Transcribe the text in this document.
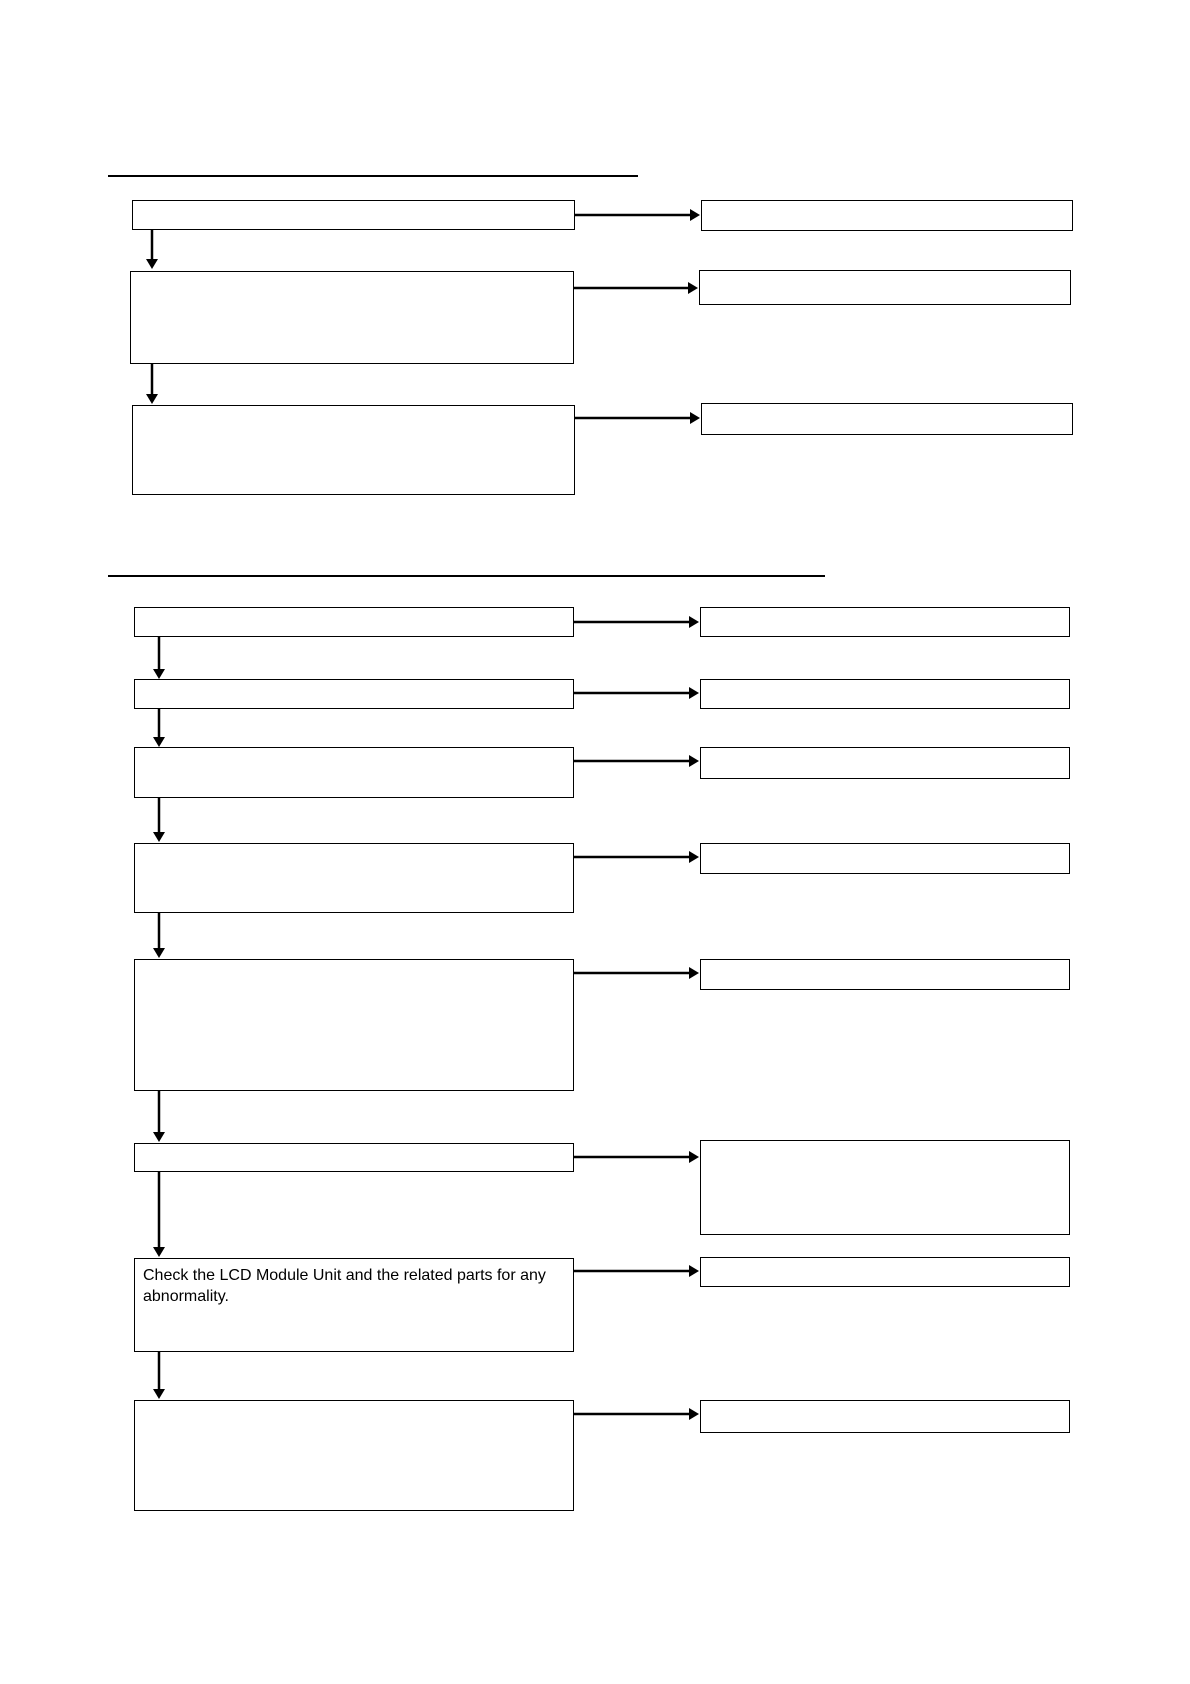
Check the LCD Module Unit and the related parts for any abnormality.
